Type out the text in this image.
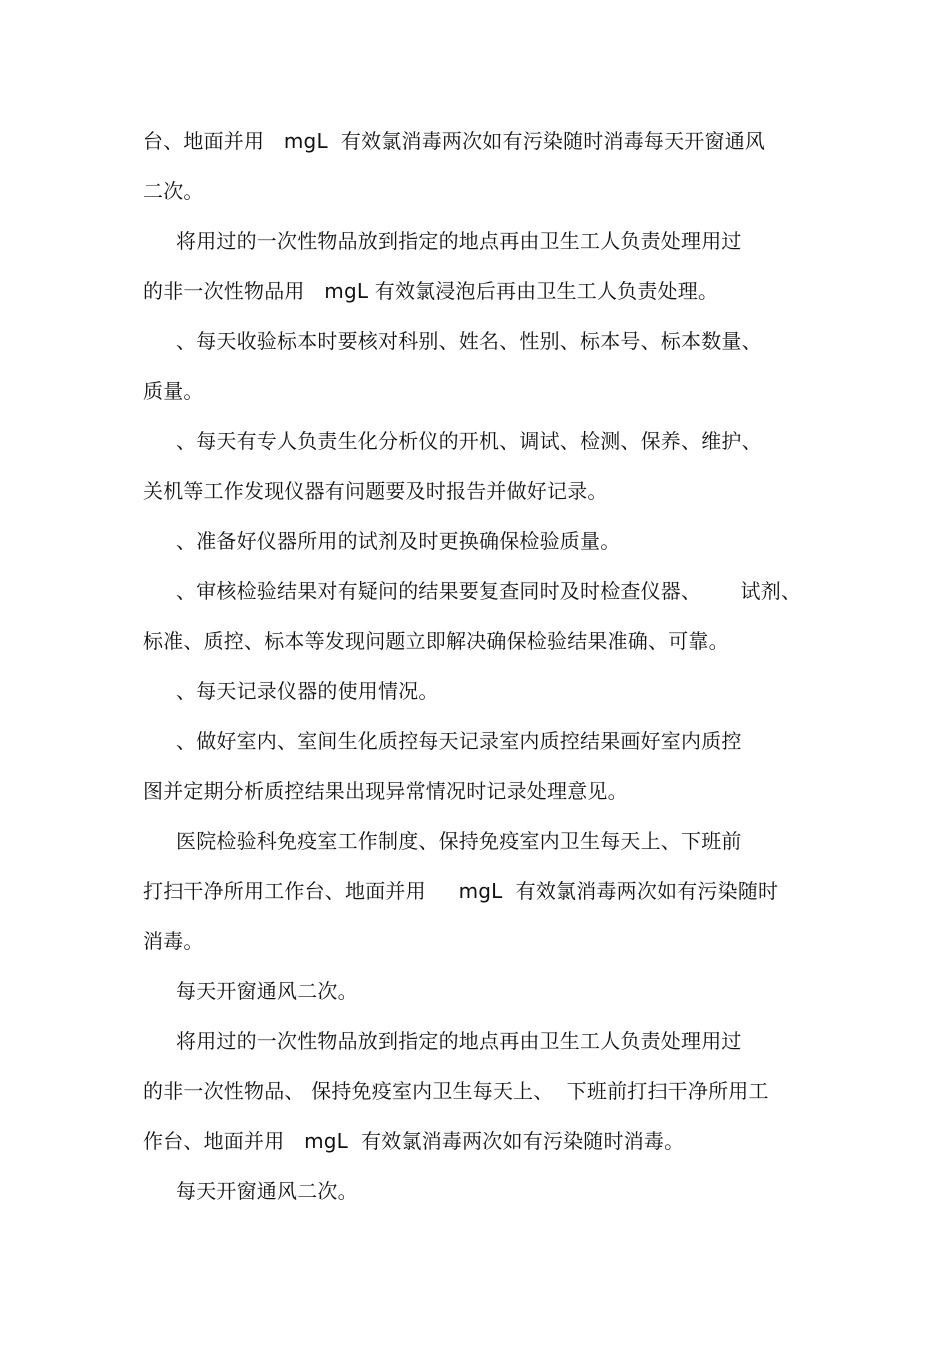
台、地面并用   mgL  有效氯消毒两次如有污染随时消毒每天开窗通风
二次。
将用过的一次性物品放到指定的地点再由卫生工人负责处理用过
的非一次性物品用   mgL 有效氯浸泡后再由卫生工人负责处理。
、每天收验标本时要核对科别、姓名、性别、标本号、标本数量、
质量。
、每天有专人负责生化分析仪的开机、调试、检测、保养、维护、
关机等工作发现仪器有问题要及时报告并做好记录。
、准备好仪器所用的试剂及时更换确保检验质量。
、审核检验结果对有疑问的结果要复查同时及时检查仪器、      试剂、
标准、质控、标本等发现问题立即解决确保检验结果准确、可靠。
、每天记录仪器的使用情况。
、做好室内、室间生化质控每天记录室内质控结果画好室内质控
图并定期分析质控结果出现异常情况时记录处理意见。
医院检验科免疫室工作制度、保持免疫室内卫生每天上、下班前
打扫干净所用工作台、地面并用     mgL  有效氯消毒两次如有污染随时
消毒。
每天开窗通风二次。
将用过的一次性物品放到指定的地点再由卫生工人负责处理用过
的非一次性物品、 保持免疫室内卫生每天上、  下班前打扫干净所用工
作台、地面并用   mgL  有效氯消毒两次如有污染随时消毒。
每天开窗通风二次。
